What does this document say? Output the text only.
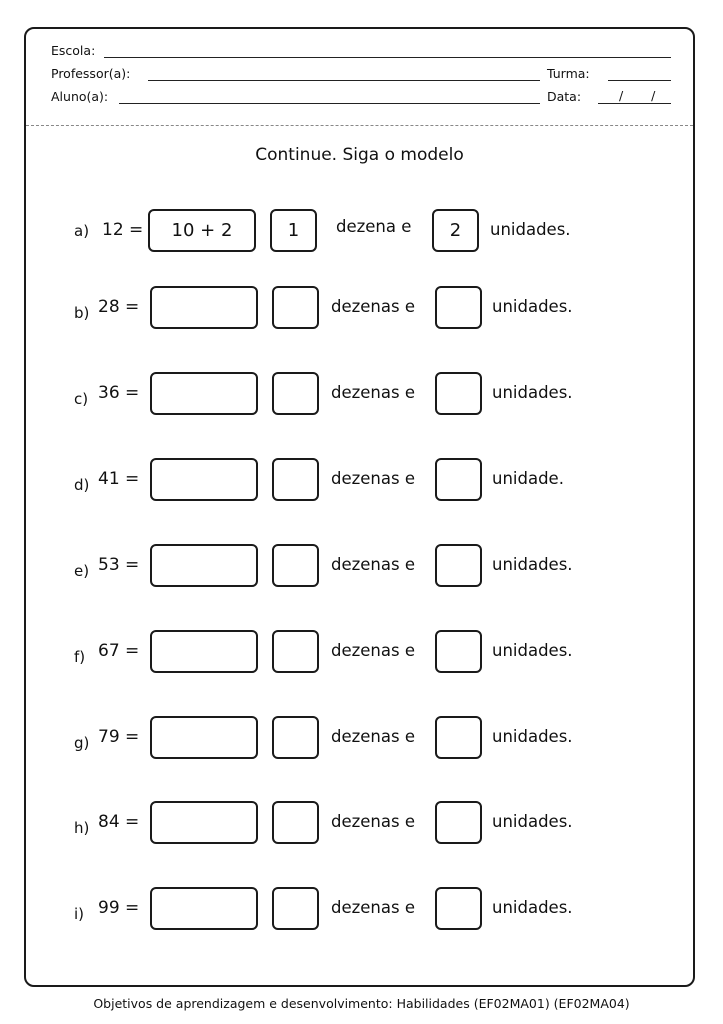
Escola:
Professor(a):	Turma:
Aluno(a):	Data:	/ /
Continue. Siga o modelo
a) 12 =	10 + 2	1	dezena e	2	unidades.
b) 28 =	dezenas e	unidades.
c) 36 =	dezenas e	unidades.
d) 41 =	dezenas e	unidade.
e) 53 =	dezenas e	unidades.
f) 67 =	dezenas e	unidades.
g) 79 =	dezenas e	unidades.
h) 84 =	dezenas e	unidades.
i) 99 =	dezenas e	unidades.
Objetivos de aprendizagem e desenvolvimento: Habilidades (EF02MA01) (EF02MA04)
